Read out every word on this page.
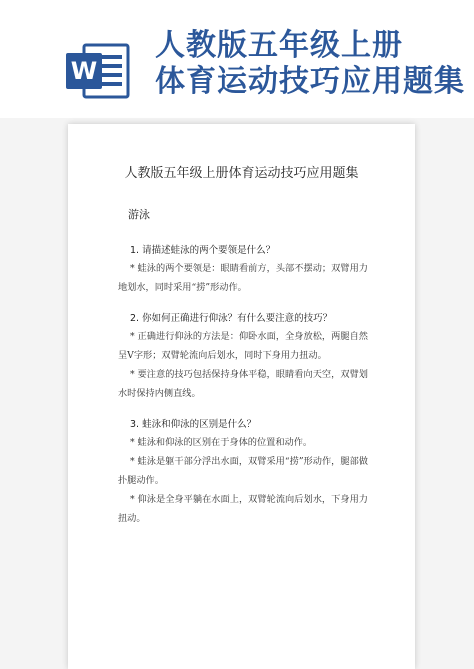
W
人教版五年级上册
体育运动技巧应用题集
人教版五年级上册体育运动技巧应用题集
游泳
1. 请描述蛙泳的两个要领是什么？
* 蛙泳的两个要领是：眼睛看前方，头部不摆动；双臂用力地划水，同时采用“捞”形动作。
2. 你如何正确进行仰泳？有什么要注意的技巧？
* 正确进行仰泳的方法是：仰卧水面，全身放松，两腿自然呈V字形；双臂轮流向后划水，同时下身用力扭动。
* 要注意的技巧包括保持身体平稳，眼睛看向天空，双臂划水时保持内侧直线。
3. 蛙泳和仰泳的区别是什么？
* 蛙泳和仰泳的区别在于身体的位置和动作。
* 蛙泳是躯干部分浮出水面，双臂采用“捞”形动作，腿部做扑腿动作。
* 仰泳是全身平躺在水面上，双臂轮流向后划水，下身用力扭动。
